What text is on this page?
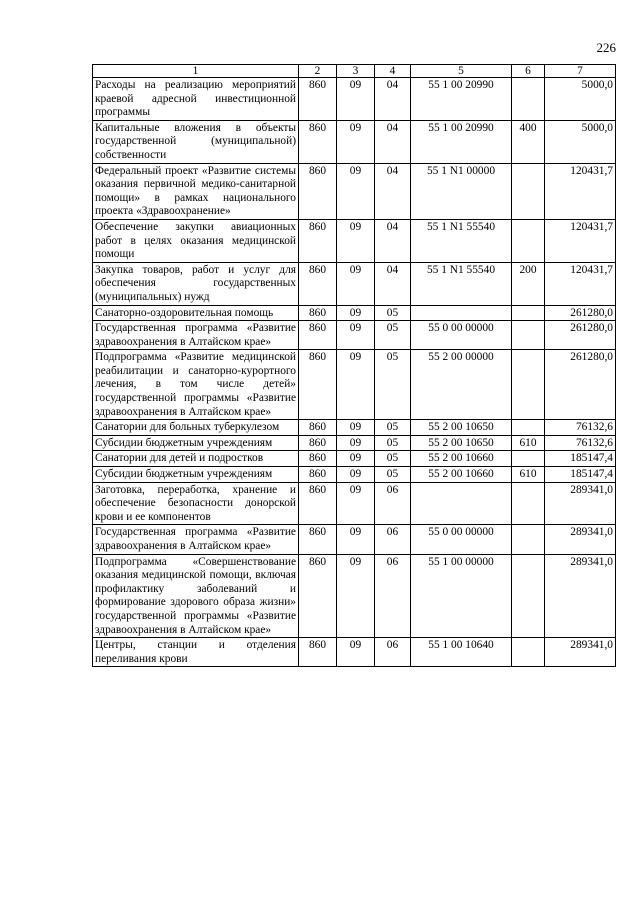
226
1	2	3	4	5	6	7
Расходы на реализацию мероприятий краевой адресной инвестиционной программы	860	09	04	55 1 00 20990		5000,0
Капитальные вложения в объекты государственной (муниципальной) собственности	860	09	04	55 1 00 20990	400	5000,0
Федеральный проект «Развитие системы оказания первичной медико-санитарной помощи» в рамках национального проекта «Здравоохранение»	860	09	04	55 1 N1 00000		120431,7
Обеспечение закупки авиационных работ в целях оказания медицинской помощи	860	09	04	55 1 N1 55540		120431,7
Закупка товаров, работ и услуг для обеспечения государственных (муниципальных) нужд	860	09	04	55 1 N1 55540	200	120431,7
Санаторно-оздоровительная помощь	860	09	05			261280,0
Государственная программа «Развитие здравоохранения в Алтайском крае»	860	09	05	55 0 00 00000		261280,0
Подпрограмма «Развитие медицинской реабилитации и санаторно-курортного лечения, в том числе детей» государственной программы «Развитие здравоохранения в Алтайском крае»	860	09	05	55 2 00 00000		261280,0
Санатории для больных туберкулезом	860	09	05	55 2 00 10650		76132,6
Субсидии бюджетным учреждениям	860	09	05	55 2 00 10650	610	76132,6
Санатории для детей и подростков	860	09	05	55 2 00 10660		185147,4
Субсидии бюджетным учреждениям	860	09	05	55 2 00 10660	610	185147,4
Заготовка, переработка, хранение и обеспечение безопасности донорской крови и ее компонентов	860	09	06			289341,0
Государственная программа «Развитие здравоохранения в Алтайском крае»	860	09	06	55 0 00 00000		289341,0
Подпрограмма «Совершенствование оказания медицинской помощи, включая профилактику заболеваний и формирование здорового образа жизни» государственной программы «Развитие здравоохранения в Алтайском крае»	860	09	06	55 1 00 00000		289341,0
Центры, станции и отделения переливания крови	860	09	06	55 1 00 10640		289341,0
